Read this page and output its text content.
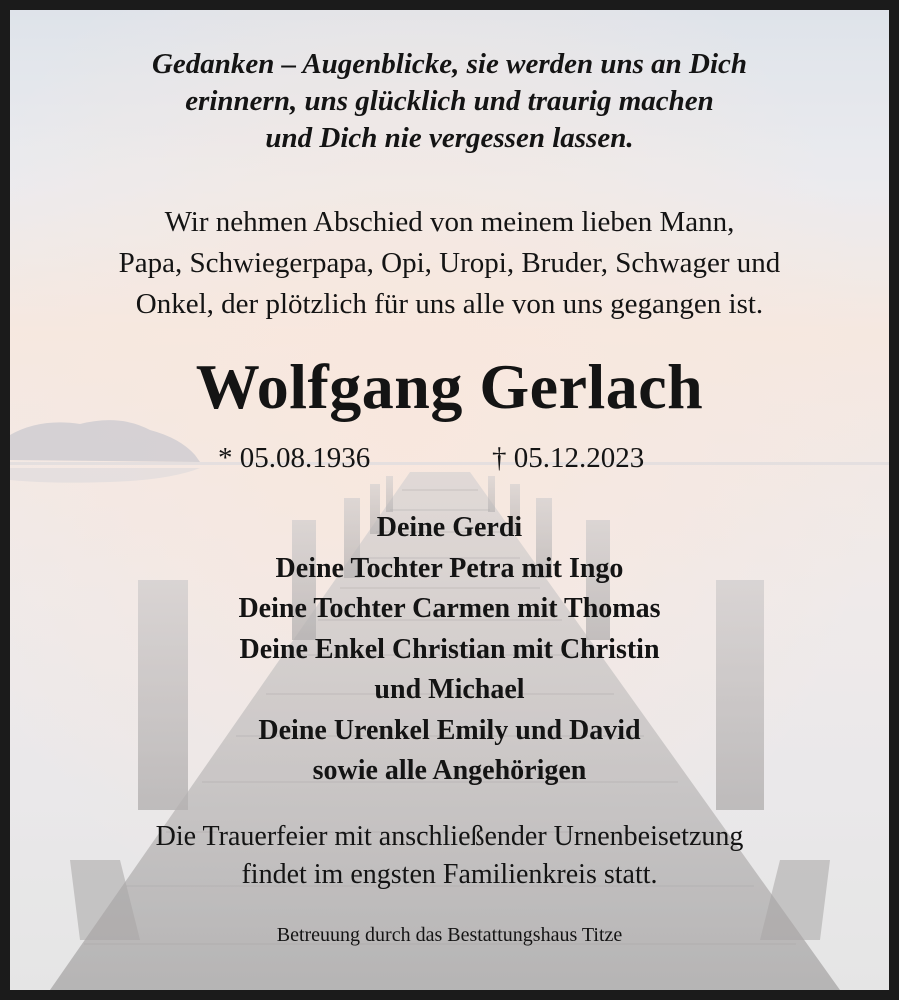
Gedanken – Augenblicke, sie werden uns an Dich
erinnern, uns glücklich und traurig machen
und Dich nie vergessen lassen.
Wir nehmen Abschied von meinem lieben Mann,
Papa, Schwiegerpapa, Opi, Uropi, Bruder, Schwager und
Onkel, der plötzlich für uns alle von uns gegangen ist.
Wolfgang Gerlach
* 05.08.1936	† 05.12.2023
Deine Gerdi
Deine Tochter Petra mit Ingo
Deine Tochter Carmen mit Thomas
Deine Enkel Christian mit Christin
und Michael
Deine Urenkel Emily und David
sowie alle Angehörigen
Die Trauerfeier mit anschließender Urnenbeisetzung
findet im engsten Familienkreis statt.
Betreuung durch das Bestattungshaus Titze
